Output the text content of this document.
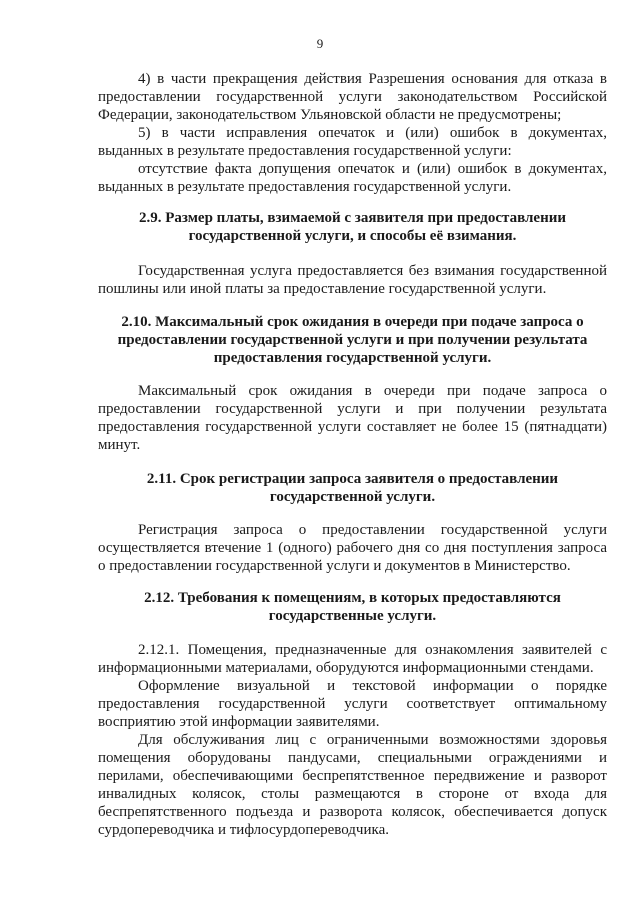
9
4) в части прекращения действия Разрешения основания для отказа в
предоставлении государственной услуги законодательством Российской
Федерации, законодательством Ульяновской области не предусмотрены;
5) в части исправления опечаток и (или) ошибок в документах,
выданных в результате предоставления государственной услуги:
отсутствие факта допущения опечаток и (или) ошибок в документах,
выданных в результате предоставления государственной услуги.
2.9. Размер платы, взимаемой с заявителя при предоставлении
государственной услуги, и способы её взимания.
Государственная услуга предоставляется без взимания государственной
пошлины или иной платы за предоставление государственной услуги.
2.10. Максимальный срок ожидания в очереди при подаче запроса о
предоставлении государственной услуги и при получении результата
предоставления государственной услуги.
Максимальный срок ожидания в очереди при подаче запроса о
предоставлении государственной услуги и при получении результата
предоставления государственной услуги составляет не более 15 (пятнадцати)
минут.
2.11. Срок регистрации запроса заявителя о предоставлении
государственной услуги.
Регистрация запроса о предоставлении государственной услуги
осуществляется втечение 1 (одного) рабочего дня со дня поступления запроса
о предоставлении государственной услуги и документов в Министерство.
2.12. Требования к помещениям, в которых предоставляются
государственные услуги.
2.12.1. Помещения, предназначенные для ознакомления заявителей с
информационными материалами, оборудуются информационными стендами.
Оформление визуальной и текстовой информации о порядке
предоставления государственной услуги соответствует оптимальному
восприятию этой информации заявителями.
Для обслуживания лиц с ограниченными возможностями здоровья
помещения оборудованы пандусами, специальными ограждениями и
перилами, обеспечивающими беспрепятственное передвижение и разворот
инвалидных колясок, столы размещаются в стороне от входа для
беспрепятственного подъезда и разворота колясок, обеспечивается допуск
сурдопереводчика и тифлосурдопереводчика.
